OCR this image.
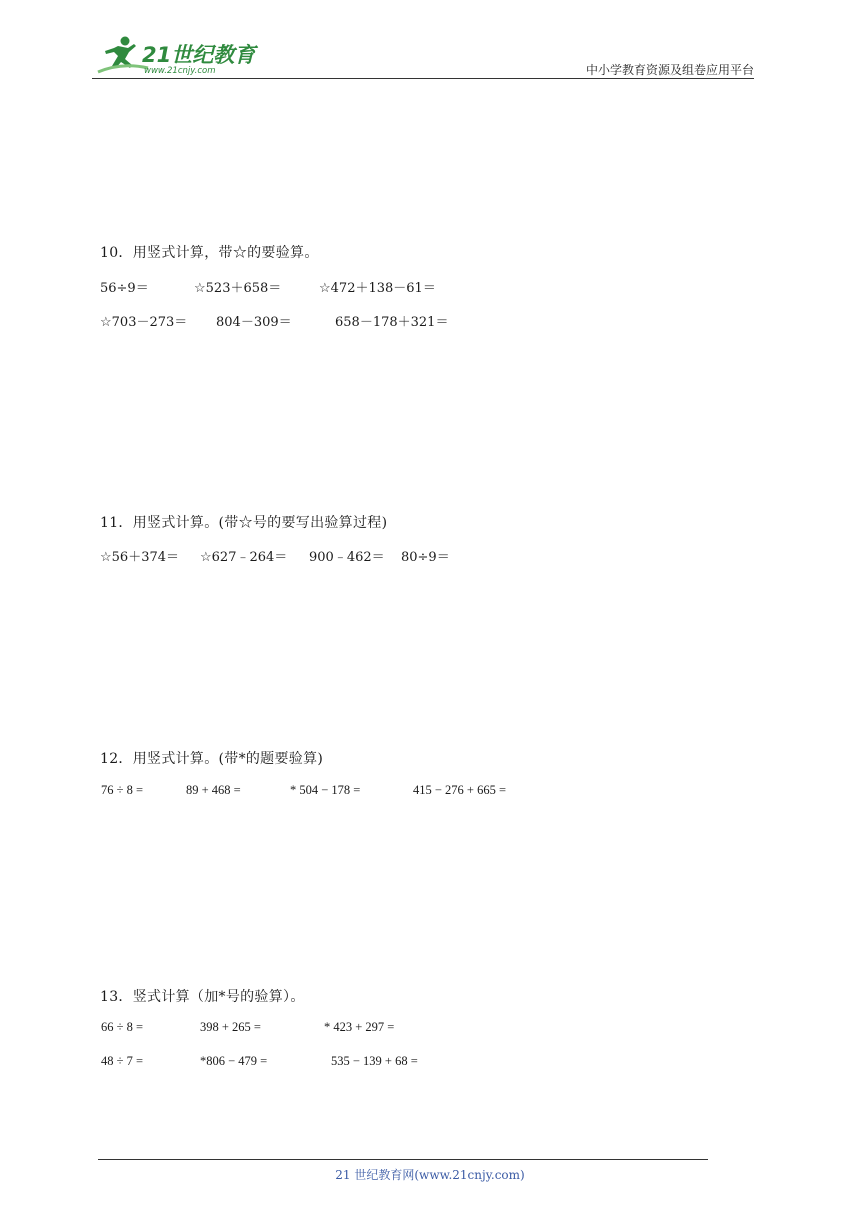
21世纪教育
www.21cnjy.com	中小学教育资源及组卷应用平台
10．用竖式计算，带☆的要验算。
56÷9＝	☆523＋658＝	☆472＋138－61＝
☆703－273＝ 804－309＝	658－178＋321＝
11．用竖式计算。(带☆号的要写出验算过程)
☆56＋374＝ ☆627﹣264＝ 900﹣462＝ 80÷9＝
12．用竖式计算。(带*的题要验算)
76 ÷ 8 =	89 + 468 =	* 504 − 178 =	415 − 276 + 665 =
13．竖式计算（加*号的验算）。
66 ÷ 8 =	398 + 265 =	* 423 + 297 =
48 ÷ 7 =	*806 − 479 =	535 − 139 + 68 =
21 世纪教育网(www.21cnjy.com)
